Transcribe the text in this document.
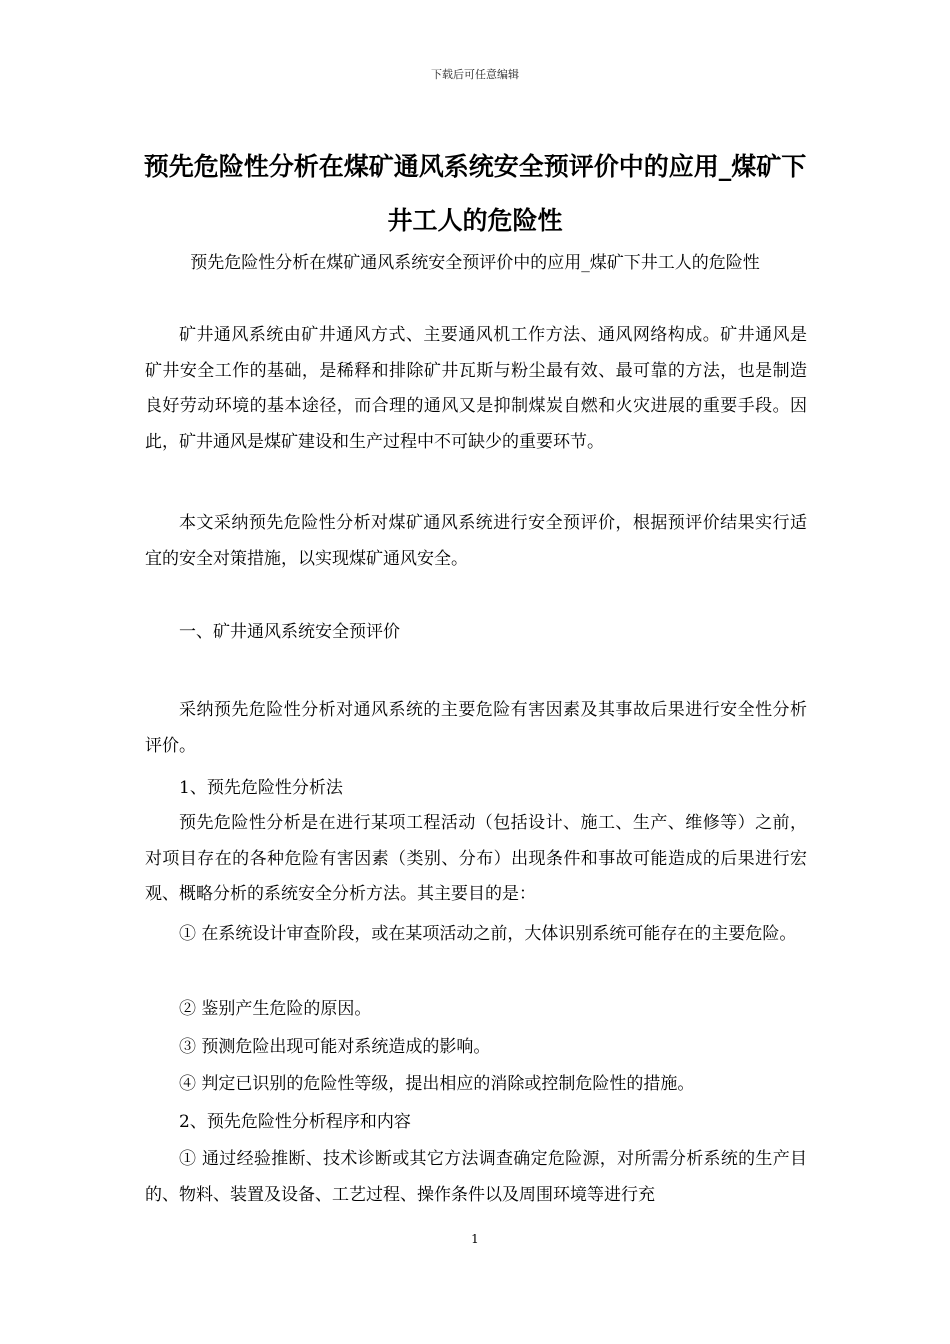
下载后可任意编辑
预先危险性分析在煤矿通风系统安全预评价中的应用_煤矿下井工人的危险性
预先危险性分析在煤矿通风系统安全预评价中的应用_煤矿下井工人的危险性

矿井通风系统由矿井通风方式、主要通风机工作方法、通风网络构成。矿井通风是矿井安全工作的基础，是稀释和排除矿井瓦斯与粉尘最有效、最可靠的方法，也是制造良好劳动环境的基本途径，而合理的通风又是抑制煤炭自燃和火灾进展的重要手段。因此，矿井通风是煤矿建设和生产过程中不可缺少的重要环节。

本文采纳预先危险性分析对煤矿通风系统进行安全预评价，根据预评价结果实行适宜的安全对策措施，以实现煤矿通风安全。

一、矿井通风系统安全预评价

采纳预先危险性分析对通风系统的主要危险有害因素及其事故后果进行安全性分析评价。

1、预先危险性分析法

预先危险性分析是在进行某项工程活动（包括设计、施工、生产、维修等）之前，对项目存在的各种危险有害因素（类别、分布）出现条件和事故可能造成的后果进行宏观、概略分析的系统安全分析方法。其主要目的是：

① 在系统设计审查阶段，或在某项活动之前，大体识别系统可能存在的主要危险。

② 鉴别产生危险的原因。

③ 预测危险出现可能对系统造成的影响。

④ 判定已识别的危险性等级，提出相应的消除或控制危险性的措施。

2、预先危险性分析程序和内容

① 通过经验推断、技术诊断或其它方法调查确定危险源，对所需分析系统的生产目的、物料、装置及设备、工艺过程、操作条件以及周围环境等进行充

1
